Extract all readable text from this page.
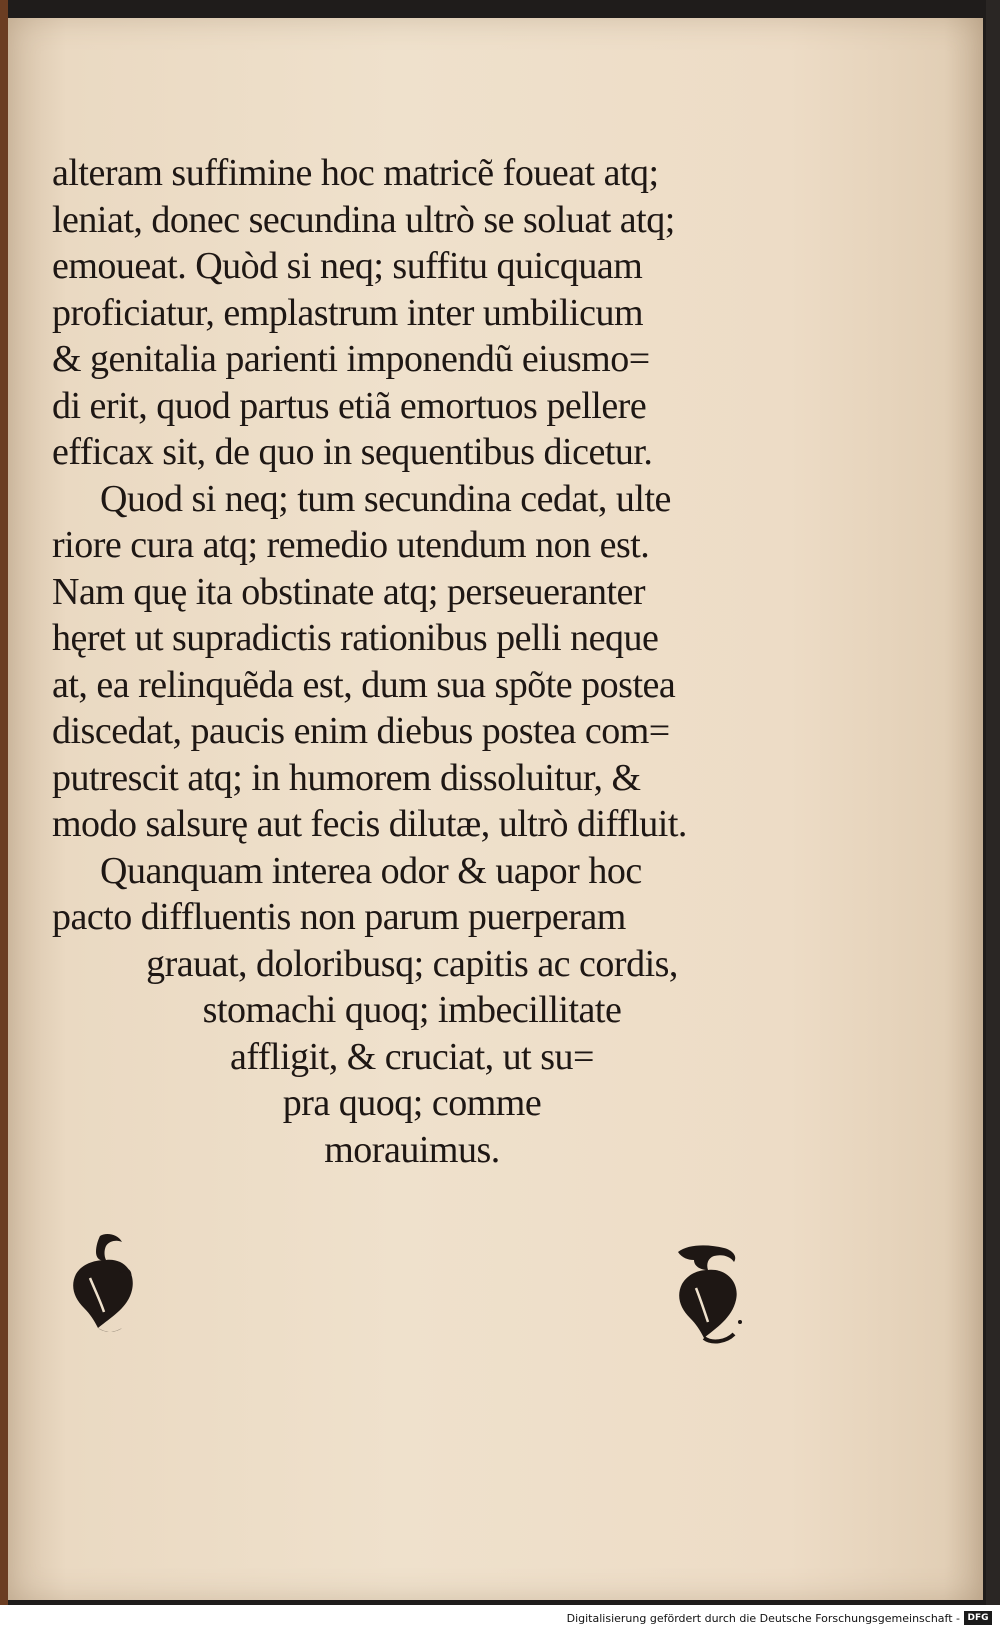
alteram suffimine hoc matricẽ foueat atq;
leniat, donec secundina ultrò se soluat atq;
emoueat. Quòd si neq; suffitu quicquam
proficiatur, emplastrum inter umbilicum
& genitalia parienti imponendũ eiusmo=
di erit, quod partus etiã emortuos pellere
efficax sit, de quo in sequentibus dicetur.
Quod si neq; tum secundina cedat, ulte
riore cura atq; remedio utendum non est.
Nam quę ita obstinate atq; perseueranter
hęret ut supradictis rationibus pelli neque
at, ea relinquẽda est, dum sua spõte postea
discedat, paucis enim diebus postea com=
putrescit atq; in humorem dissoluitur, &
modo salsurę aut fecis dilutæ, ultrò diffluit.
Quanquam interea odor & uapor hoc
pacto diffluentis non parum puerperam
grauat, doloribusq; capitis ac cordis,
stomachi quoq; imbecillitate
affligit, & cruciat, ut su=
pra quoq; comme
morauimus.
Digitalisierung gefördert durch die Deutsche Forschungsgemeinschaft - DFG
